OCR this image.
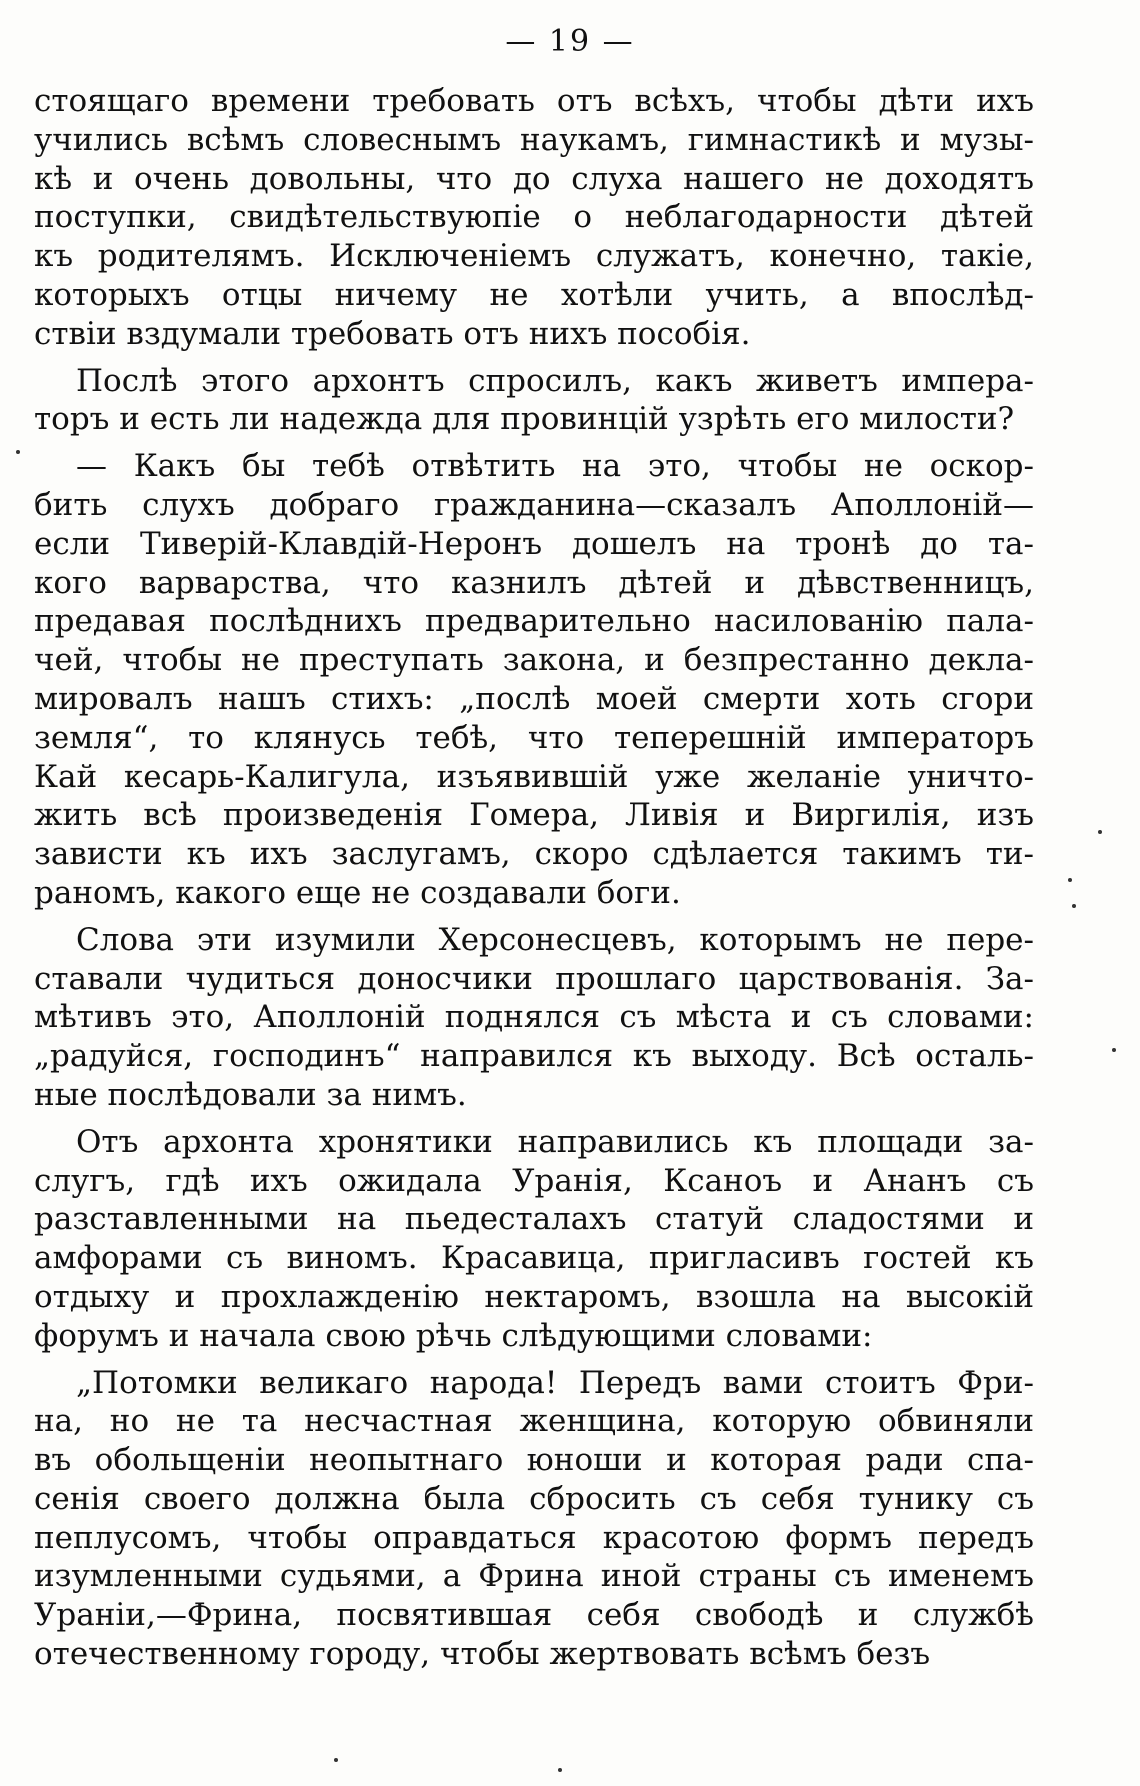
— 19 —
стоящаго времени требовать отъ всѣхъ, чтобы дѣти ихъ
учились всѣмъ словеснымъ наукамъ, гимнастикѣ и музы-
кѣ и очень довольны, что до слуха нашего не доходятъ
поступки, свидѣтельствуюпіе о неблагодарности дѣтей
къ родителямъ. Исключеніемъ служатъ, конечно, такіе,
которыхъ отцы ничему не хотѣли учить, а впослѣд-
ствіи вздумали требовать отъ нихъ пособія.
Послѣ этого архонтъ спросилъ, какъ живетъ импера-
торъ и есть ли надежда для провинцій узрѣть его милости?
— Какъ бы тебѣ отвѣтить на это, чтобы не оскор-
бить слухъ добраго гражданина—сказалъ Аполлоній—
если Тиверій-Клавдій-Неронъ дошелъ на тронѣ до та-
кого варварства, что казнилъ дѣтей и дѣвственницъ,
предавая послѣднихъ предварительно насилованію пала-
чей, чтобы не преступать закона, и безпрестанно декла-
мировалъ нашъ стихъ: „послѣ моей смерти хоть сгори
земля“, то клянусь тебѣ, что теперешній императоръ
Кай кесарь-Калигула, изъявившій уже желаніе уничто-
жить всѣ произведенія Гомера, Ливія и Виргилія, изъ
зависти къ ихъ заслугамъ, скоро сдѣлается такимъ ти-
раномъ, какого еще не создавали боги.
Слова эти изумили Херсонесцевъ, которымъ не пере-
ставали чудиться доносчики прошлаго царствованія. За-
мѣтивъ это, Аполлоній поднялся съ мѣста и съ словами:
„радуйся, господинъ“ направился къ выходу. Всѣ осталь-
ные послѣдовали за нимъ.
Отъ архонта хронятики направились къ площади за-
слугъ, гдѣ ихъ ожидала Уранія, Ксаноъ и Ананъ съ
разставленными на пьедесталахъ статуй сладостями и
амфорами съ виномъ. Красавица, пригласивъ гостей къ
отдыху и прохлажденію нектаромъ, взошла на высокій
форумъ и начала свою рѣчь слѣдующими словами:
„Потомки великаго народа! Передъ вами стоитъ Фри-
на, но не та несчастная женщина, которую обвиняли
въ обольщеніи неопытнаго юноши и которая ради спа-
сенія своего должна была сбросить съ себя тунику съ
пеплусомъ, чтобы оправдаться красотою формъ передъ
изумленными судьями, а Фрина иной страны съ именемъ
Ураніи,—Фрина, посвятившая себя свободѣ и службѣ
отечественному городу, чтобы жертвовать всѣмъ безъ
